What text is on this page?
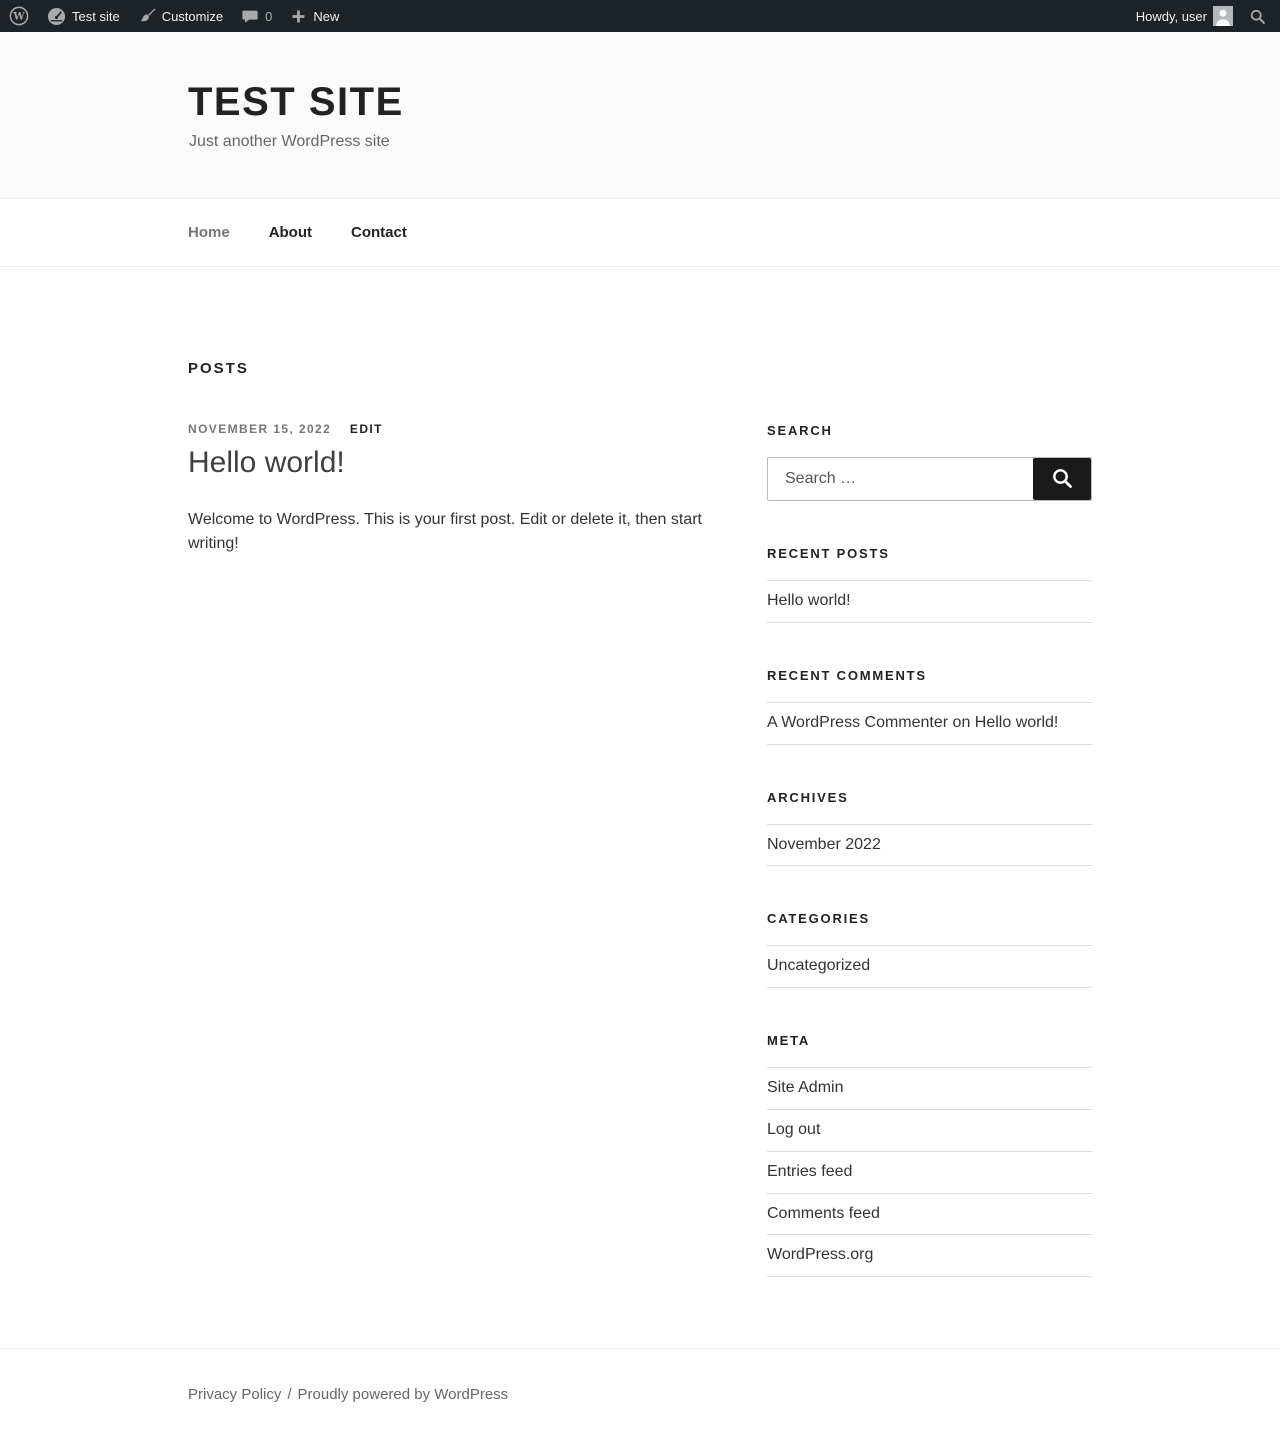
W	Test site	Customize	0	New	Howdy, user
TEST SITE

Just another WordPress site

Home	About	Contact
POSTS
NOVEMBER 15, 2022 EDIT
Hello world!

Welcome to WordPress. This is your first post. Edit or delete it, then start writing!

SEARCH
Search …
RECENT POSTS
Hello world!
RECENT COMMENTS
A WordPress Commenter on Hello world!
ARCHIVES
November 2022
CATEGORIES
Uncategorized
META
Site Admin
Log out
Entries feed
Comments feed
WordPress.org
Privacy Policy / Proudly powered by WordPress
